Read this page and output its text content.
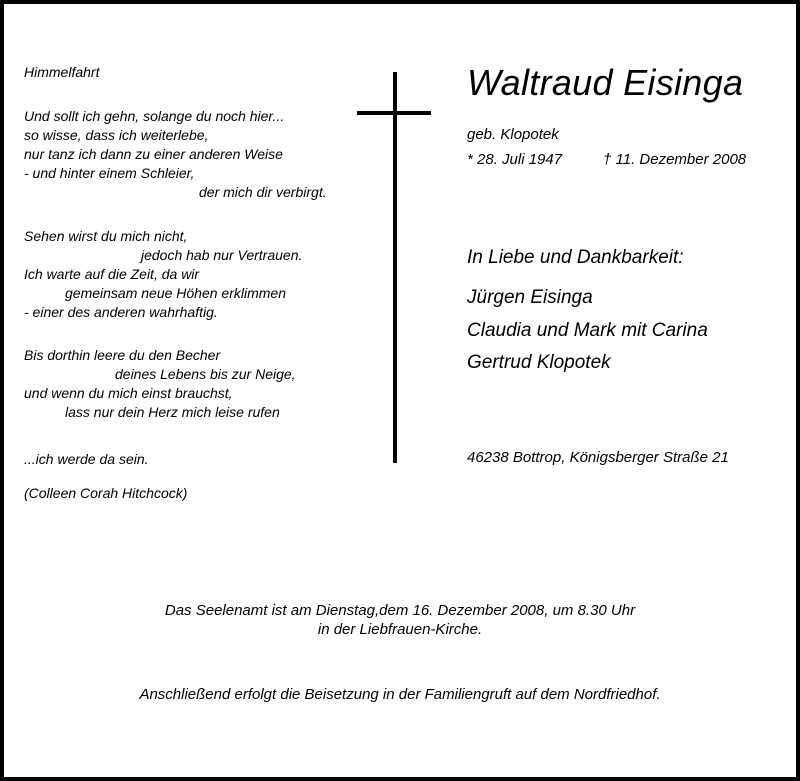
Himmelfahrt
Und sollt ich gehn, solange du noch hier...
so wisse, dass ich weiterlebe,
nur tanz ich dann zu einer anderen Weise
- und hinter einem Schleier,
der mich dir verbirgt.
Sehen wirst du mich nicht,
jedoch hab nur Vertrauen.
Ich warte auf die Zeit, da wir
gemeinsam neue Höhen erklimmen
- einer des anderen wahrhaftig.
Bis dorthin leere du den Becher
deines Lebens bis zur Neige,
und wenn du mich einst brauchst,
lass nur dein Herz mich leise rufen
...ich werde da sein.
(Colleen Corah Hitchcock)
Waltraud Eisinga
geb. Klopotek
* 28. Juli 1947	† 11. Dezember 2008
In Liebe und Dankbarkeit:
Jürgen Eisinga
Claudia und Mark mit Carina
Gertrud Klopotek
46238 Bottrop, Königsberger Straße 21
Das Seelenamt ist am Dienstag,dem 16. Dezember 2008, um 8.30 Uhr
in der Liebfrauen-Kirche.
Anschließend erfolgt die Beisetzung in der Familiengruft auf dem Nordfriedhof.
